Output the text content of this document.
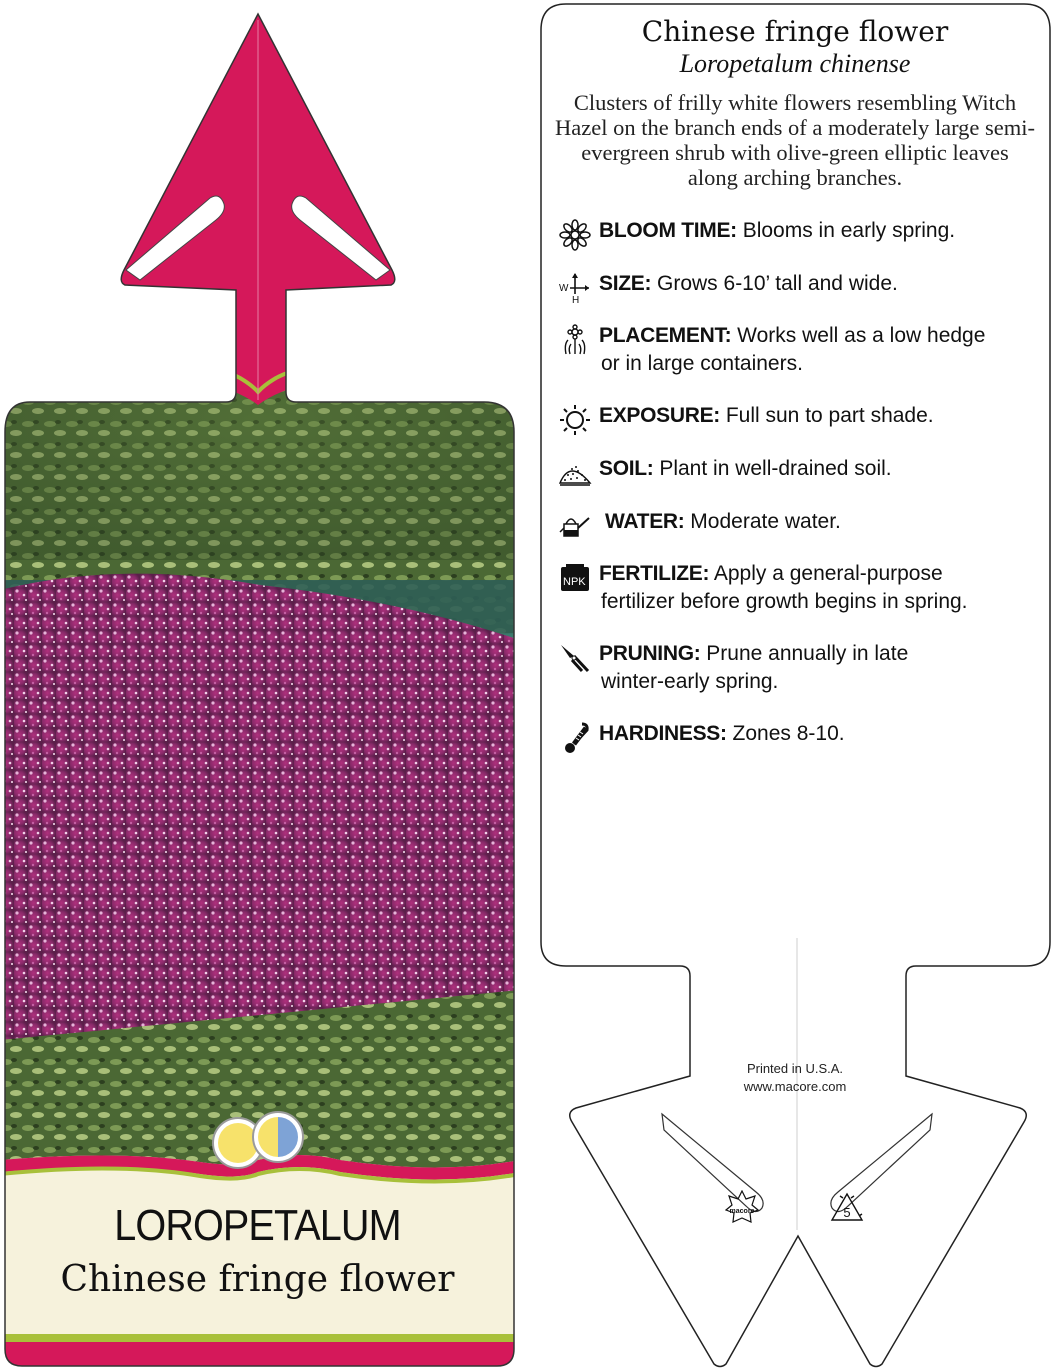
LOROPETALUM
Chinese fringe flower
Chinese fringe flower
Loropetalum chinense
Clusters of frilly white flowers resembling Witch Hazel on the branch ends of a moderately large semi-evergreen shrub with olive-green elliptic leaves along arching branches.
BLOOM TIME: Blooms in early spring.
W
H
SIZE: Grows 6-10’ tall and wide.
PLACEMENT: Works well as a low hedge
or in large containers.
EXPOSURE: Full sun to part shade.
SOIL: Plant in well-drained soil.
WATER: Moderate water.
NPK FERTILIZE: Apply a general-purpose
fertilizer before growth begins in spring.
PRUNING: Prune annually in late
winter-early spring.
HARDINESS: Zones 8-10.
Printed in U.S.A.
www.macore.com
macore	5
